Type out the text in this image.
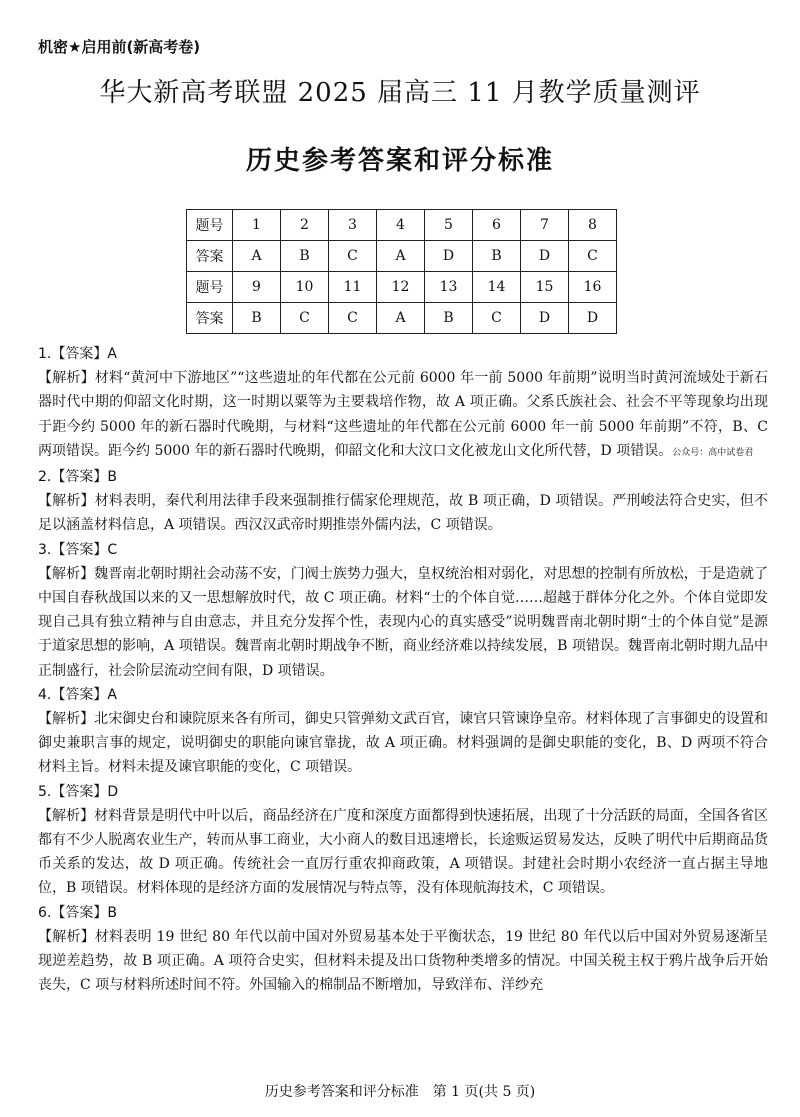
机密★启用前(新高考卷)
华大新高考联盟 2025 届高三 11 月教学质量测评
历史参考答案和评分标准
题号	1	2	3	4	5	6	7	8
答案	A	B	C	A	D	B	D	C
题号	9	10	11	12	13	14	15	16
答案	B	C	C	A	B	C	D	D

1.【答案】A

【解析】材料“黄河中下游地区”“这些遗址的年代都在公元前 6000 年一前 5000 年前期”说明当时黄河流域处于新石器时代中期的仰韶文化时期，这一时期以粟等为主要栽培作物，故 A 项正确。父系氏族社会、社会不平等现象均出现于距今约 5000 年的新石器时代晚期，与材料“这些遗址的年代都在公元前 6000 年一前 5000 年前期”不符，B、C 两项错误。距今约 5000 年的新石器时代晚期，仰韶文化和大汶口文化被龙山文化所代替，D 项错误。公众号：高中试卷君

2.【答案】B

【解析】材料表明，秦代利用法律手段来强制推行儒家伦理规范，故 B 项正确，D 项错误。严刑峻法符合史实，但不足以涵盖材料信息，A 项错误。西汉汉武帝时期推崇外儒内法，C 项错误。

3.【答案】C

【解析】魏晋南北朝时期社会动荡不安，门阀士族势力强大，皇权统治相对弱化，对思想的控制有所放松，于是造就了中国自春秋战国以来的又一思想解放时代，故 C 项正确。材料“士的个体自觉……超越于群体分化之外。个体自觉即发现自己具有独立精神与自由意志，并且充分发挥个性，表现内心的真实感受”说明魏晋南北朝时期“士的个体自觉”是源于道家思想的影响，A 项错误。魏晋南北朝时期战争不断，商业经济难以持续发展，B 项错误。魏晋南北朝时期九品中正制盛行，社会阶层流动空间有限，D 项错误。

4.【答案】A

【解析】北宋御史台和谏院原来各有所司，御史只管弹劾文武百官，谏官只管谏诤皇帝。材料体现了言事御史的设置和御史兼职言事的规定，说明御史的职能向谏官靠拢，故 A 项正确。材料强调的是御史职能的变化，B、D 两项不符合材料主旨。材料未提及谏官职能的变化，C 项错误。

5.【答案】D

【解析】材料背景是明代中叶以后，商品经济在广度和深度方面都得到快速拓展，出现了十分活跃的局面，全国各省区都有不少人脱离农业生产，转而从事工商业，大小商人的数目迅速增长，长途贩运贸易发达，反映了明代中后期商品货币关系的发达，故 D 项正确。传统社会一直厉行重农抑商政策，A 项错误。封建社会时期小农经济一直占据主导地位，B 项错误。材料体现的是经济方面的发展情况与特点等，没有体现航海技术，C 项错误。

6.【答案】B

【解析】材料表明 19 世纪 80 年代以前中国对外贸易基本处于平衡状态，19 世纪 80 年代以后中国对外贸易逐渐呈现逆差趋势，故 B 项正确。A 项符合史实，但材料未提及出口货物种类增多的情况。中国关税主权于鸦片战争后开始丧失，C 项与材料所述时间不符。外国输入的棉制品不断增加，导致洋布、洋纱充

历史参考答案和评分标准　第 1 页(共 5 页)
